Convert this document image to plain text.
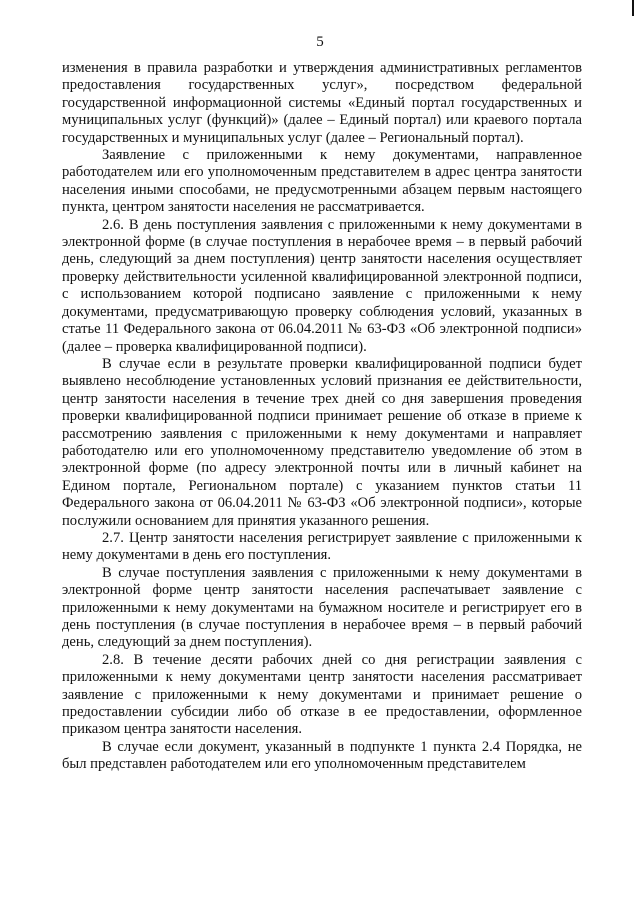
5

изменения в правила разработки и утверждения административных регламентов предоставления государственных услуг», посредством федеральной государственной информационной системы «Единый портал государственных и муниципальных услуг (функций)» (далее – Единый портал) или краевого портала государственных и муниципальных услуг (далее – Региональный портал).

Заявление с приложенными к нему документами, направленное работодателем или его уполномоченным представителем в адрес центра занятости населения иными способами, не предусмотренными абзацем первым настоящего пункта, центром занятости населения не рассматривается.

2.6. В день поступления заявления с приложенными к нему документами в электронной форме (в случае поступления в нерабочее время – в первый рабочий день, следующий за днем поступления) центр занятости населения осуществляет проверку действительности усиленной квалифицированной электронной подписи, с использованием которой подписано заявление с приложенными к нему документами, предусматривающую проверку соблюдения условий, указанных в статье 11 Федерального закона от 06.04.2011 № 63-ФЗ «Об электронной подписи» (далее – проверка квалифицированной подписи).

В случае если в результате проверки квалифицированной подписи будет выявлено несоблюдение установленных условий признания ее действительности, центр занятости населения в течение трех дней со дня завершения проведения проверки квалифицированной подписи принимает решение об отказе в приеме к рассмотрению заявления с приложенными к нему документами и направляет работодателю или его уполномоченному представителю уведомление об этом в электронной форме (по адресу электронной почты или в личный кабинет на Едином портале, Региональном портале) с указанием пунктов статьи 11 Федерального закона от 06.04.2011 № 63-ФЗ «Об электронной подписи», которые послужили основанием для принятия указанного решения.

2.7. Центр занятости населения регистрирует заявление с приложенными к нему документами в день его поступления.

В случае поступления заявления с приложенными к нему документами в электронной форме центр занятости населения распечатывает заявление с приложенными к нему документами на бумажном носителе и регистрирует его в день поступления (в случае поступления в нерабочее время – в первый рабочий день, следующий за днем поступления).

2.8. В течение десяти рабочих дней со дня регистрации заявления с приложенными к нему документами центр занятости населения рассматривает заявление с приложенными к нему документами и принимает решение о предоставлении субсидии либо об отказе в ее предоставлении, оформленное приказом центра занятости населения.

В случае если документ, указанный в подпункте 1 пункта 2.4 Порядка, не был представлен работодателем или его уполномоченным представителем
